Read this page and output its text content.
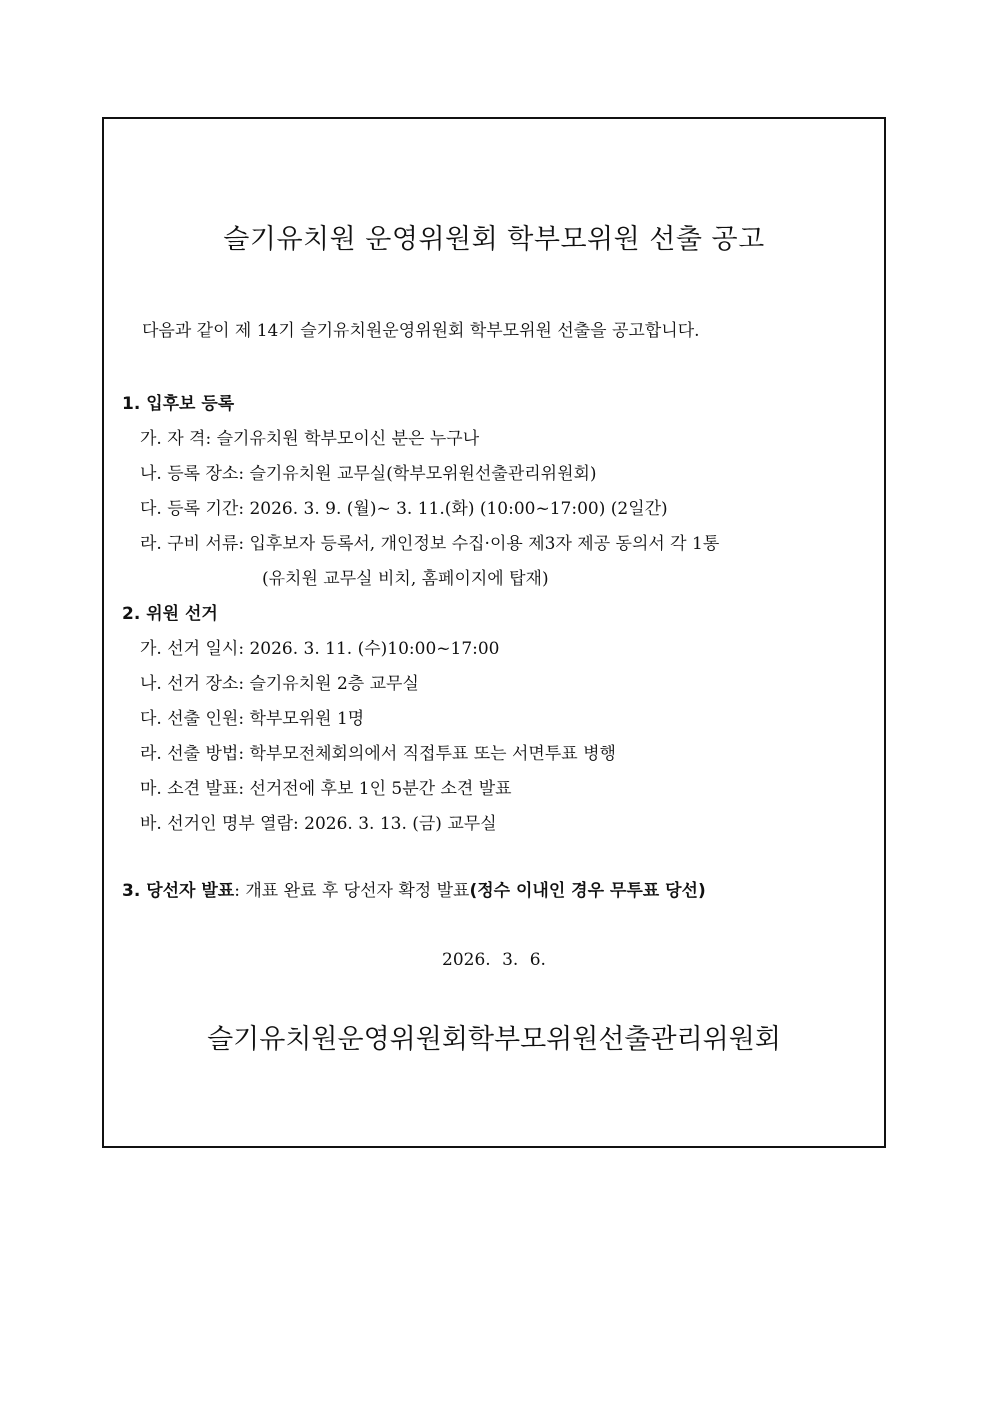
슬기유치원 운영위원회 학부모위원 선출 공고
다음과 같이 제 14기 슬기유치원운영위원회 학부모위원 선출을 공고합니다.
1. 입후보 등록
가. 자 격: 슬기유치원 학부모이신 분은 누구나
나. 등록 장소: 슬기유치원 교무실(학부모위원선출관리위원회)
다. 등록 기간: 2026. 3. 9. (월)~ 3. 11.(화) (10:00~17:00) (2일간)
라. 구비 서류: 입후보자 등록서, 개인정보 수집·이용 제3자 제공 동의서 각 1통
(유치원 교무실 비치, 홈페이지에 탑재)
2. 위원 선거
가. 선거 일시: 2026. 3. 11. (수)10:00~17:00
나. 선거 장소: 슬기유치원 2층 교무실
다. 선출 인원: 학부모위원 1명
라. 선출 방법: 학부모전체회의에서 직접투표 또는 서면투표 병행
마. 소견 발표: 선거전에 후보 1인 5분간 소견 발표
바. 선거인 명부 열람: 2026. 3. 13. (금) 교무실
3. 당선자 발표: 개표 완료 후 당선자 확정 발표(정수 이내인 경우 무투표 당선)
2026. 3. 6.
슬기유치원운영위원회학부모위원선출관리위원회
